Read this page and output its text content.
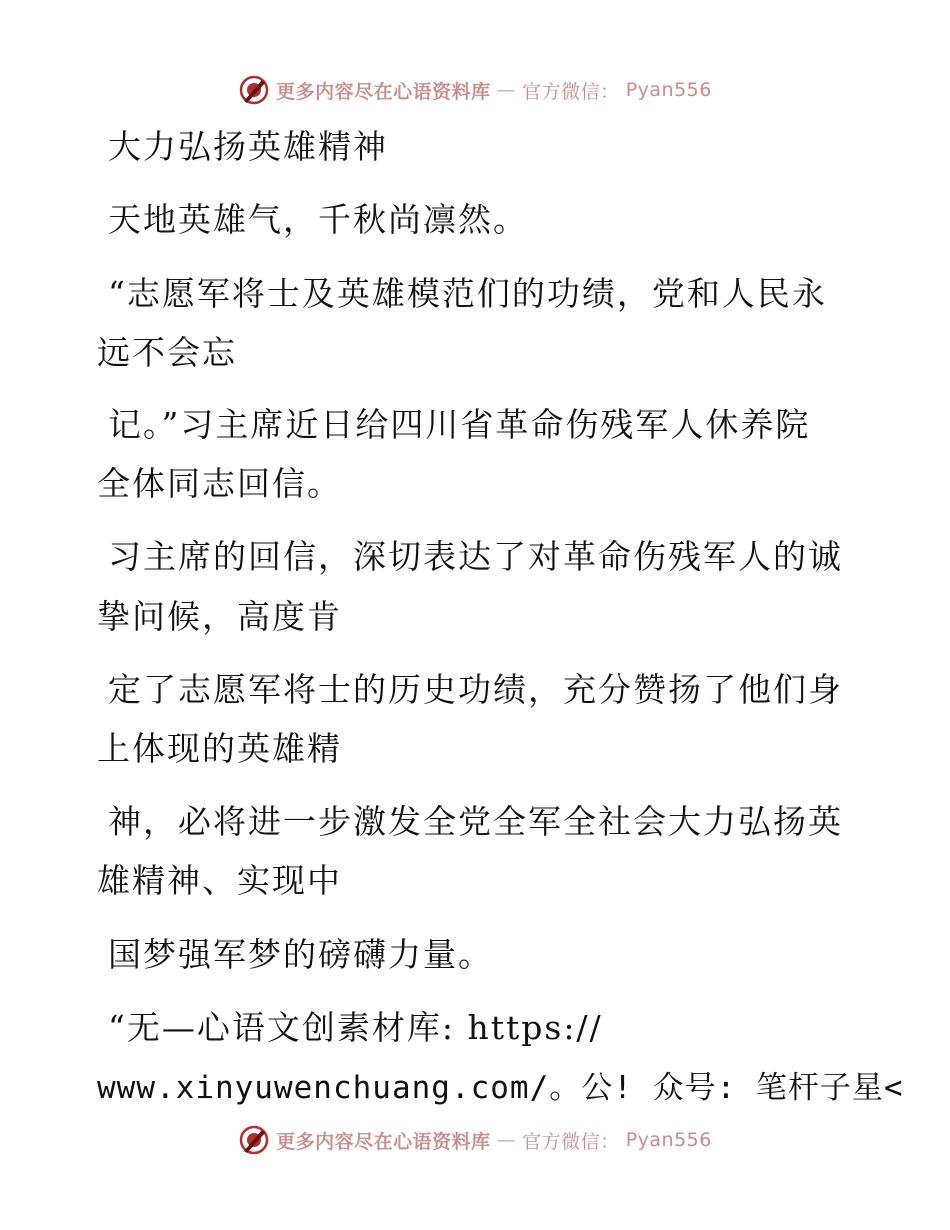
更多内容尽在心语资料库 — 官方微信： Pyan556
大力弘扬英雄精神
天地英雄气，千秋尚凛然。
“志愿军将士及英雄模范们的功绩，党和人民永
远不会忘
记。”习主席近日给四川省革命伤残军人休养院
全体同志回信。
习主席的回信，深切表达了对革命伤残军人的诚
挚问候，高度肯
定了志愿军将士的历史功绩，充分赞扬了他们身
上体现的英雄精
神，必将进一步激发全党全军全社会大力弘扬英
雄精神、实现中
国梦强军梦的磅礴力量。
“无—心语文创素材库: https://
www.xinyuwenchuang.com/。公! 众号: 笔杆子星<
更多内容尽在心语资料库 — 官方微信： Pyan556
